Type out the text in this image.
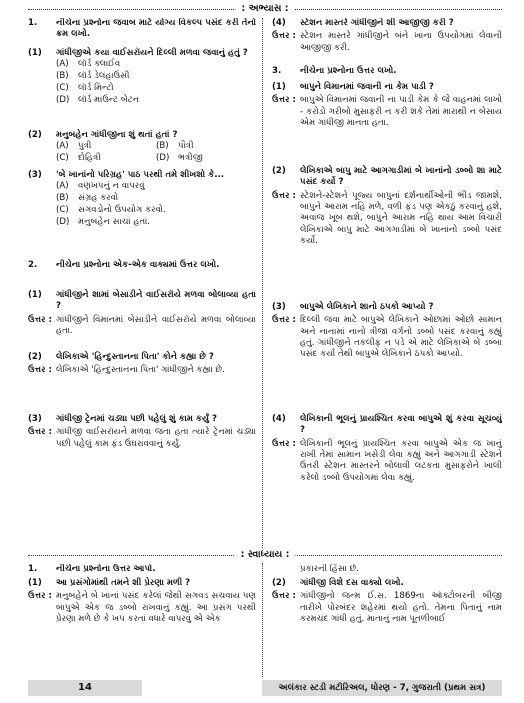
: અભ્યાસ :
1.	નીચેના પ્રશ્નોના જવાબ માટે યોગ્ય વિકલ્પ પસંદ કરી તેનો ક્રમ લખો.
(1)	ગાંધીજીએ કયા વાઈસરૉયને દિલ્લી મળવા જવાનું હતું ?
(A)	લૉર્ડ ક્લાઈવ
(B)	લૉર્ડ ડેલહાઉસી
(C)	લૉર્ડ મિન્ટો
(D)	લૉર્ડ માઉન્ટ બેટન
(2)	મનુબહેન ગાંધીજીના શું થતાં હતાં ?
(A)	પુત્રી	(B)	પૌત્રી
(C)	દોહિત્રી	(D)	ભત્રીજી
(3)	'બે ખાનાંનો પરિગ્રહ' પાઠ પરથી તમે શીખશો કે...
(A)	વણખપનું ન વાપરવું
(B)	સંગ્રહ કરવો
(C)	સગવડોનો ઉપયોગ કરવો.
(D)	મનુબહેન સાચાં હતાં.
2.	નીચેના પ્રશ્નોના એક-એક વાક્યમાં ઉત્તર લખો.
(1)	ગાંધીજીને શામાં બેસાડીને વાઈસરૉયે મળવા બોલાવ્યા હતા ?
ઉત્તર : ગાંધીજીને વિમાનમાં બેસાડીને વાઈસરૉયે મળવા બોલાવ્યા હતા.
(2)	લેખિકાએ 'હિન્દુસ્તાનના પિતા' કોને કહ્યા છે ?
ઉત્તર : લેખિકાએ 'હિન્દુસ્તાનના પિતા' ગાંધીજીને કહ્યા છે.
(3)	ગાંધીજી ટ્રેનમાં ચડ્યા પછી પહેલું શું કામ કર્યું ?
ઉત્તર : ગાંધીજી વાઈસરૉયને મળવા જતા હતા ત્યારે ટ્રેનમાં ચડ્યા પછી પહેલું કામ ફંડ ઉઘરાવવાનું કર્યું.
(4)	સ્ટેશન માસ્તરે ગાંધીજીને શી આજીજી કરી ?
ઉત્તર : સ્ટેશન માસ્તરે ગાંધીજીને બંને ખાના ઉપયોગમાં લેવાની આજીજી કરી.
3.	નીચેના પ્રશ્નોના ઉત્તર લખો.
(1)	બાપુને વિમાનમાં જવાની ના કેમ પાડી ?
ઉત્તર : બાપુએ વિમાનમાં જવાની ના પાડી કેમ કે જે વાહનમાં લાખો - કરોડો ગરીબો મુસાફરી ન કરી શકે તેમાં મારાથી ન બેસાય એમ ગાંધીજી માનતા હતા.
(2)	લેખિકાએ બાપુ માટે આગગાડીમાં બે ખાનાંનો ડબ્બો શા માટે પસંદ કર્યો ?
ઉત્તર : સ્ટેશને-સ્ટેશને પૂજ્ય બાપુનાં દર્શનાર્થીઓની ભીડ જામશે, બાપુને આરામ નહિ મળે, વળી ફંડ પણ એકઠું કરવાનું હશે, અવાજ ખૂબ થશે, બાપુને આરામ નહિ થાય આમ વિચારી લેખિકાએ બાપુ માટે આગગાડીમાં બે ખાનાંનો ડબ્બો પસંદ કર્યો.
(3)	બાપુએ લેખિકાને શાનો ઠપકો આપ્યો ?
ઉત્તર : દિલ્લી જવા માટે બાપુએ લેખિકાને ઓછામાં ઓછો સામાન અને નાનામાં નાનો ત્રીજા વર્ગનો ડબ્બો પસંદ કરવાનું કહ્યું હતું. ગાંધીજીને તકલીફ ન પડે એ માટે લેખિકાએ બે ડબ્બા પસંદ કર્યા તેથી બાપુએ લેખિકાને ઠપકો આપ્યો.
(4)	લેખિકાની ભૂલનું પ્રાયશ્ચિત કરવા બાપુએ શું કરવા સૂચવ્યું ?
ઉત્તર : લેખિકાની ભૂલનું પ્રાયશ્ચિત કરવા બાપુએ એક જ ખાનું રાખી તેમાં સામાન ખસેડી લેવા કહ્યું અને આગગાડી સ્ટેશને ઉતરી સ્ટેશન માસ્તરને બોલાવી લટકતા મુસાફરોને ખાલી કરેલો ડબ્બો ઉપયોગમાં લેવા કહ્યું.
: સ્વાધ્યાય :
1.	નીચેના પ્રશ્નોના ઉત્તર આપો.
(1)	આ પ્રસંગોમાંથી તમને શી પ્રેરણા મળી ?
ઉત્તર : મનુબહેને બે ખાનાં પસંદ કરેલાં જેથી સગવડ સચવાય પણ બાપુએ એક જ ડબ્બો રાખવાનું કહ્યું. આ પ્રસંગ પરથી પ્રેરણા મળે છે કે ખપ કરતાં વધારે વાપરવું એ એક
પ્રકારની હિંસા છે.
(2)	ગાંધીજી વિશે દસ વાક્યો લખો.
ઉત્તર : ગાંધીજીનો જન્મ ઈ.સ. 1869ના ઑક્ટોબરની બીજી તારીખે પોરબંદર શહેરમાં થયો હતો. તેમના પિતાનું નામ કરમચંદ ગાંધી હતું. માતાનું નામ પૂતળીબાઈ
14	અલંકાર સ્ટડી મટીરિઅલ, ધોરણ - 7, ગુજરાતી (પ્રથમ સત્ર)
